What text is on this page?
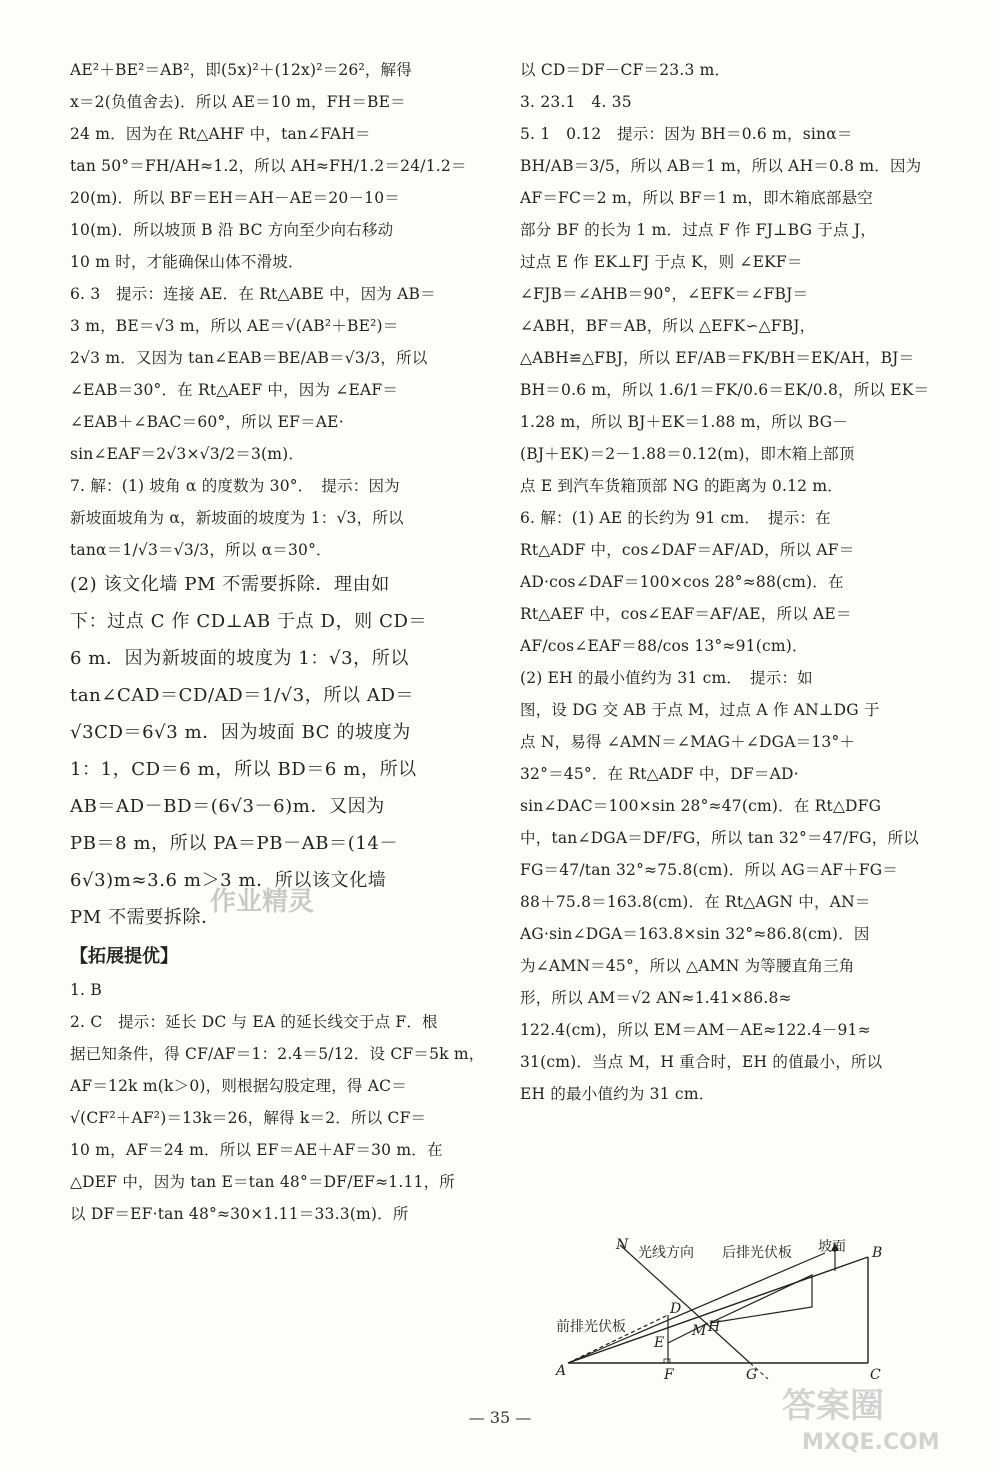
AE²＋BE²＝AB²，即(5x)²＋(12x)²＝26²，解得
x＝2(负值舍去)．所以 AE＝10 m，FH＝BE＝
24 m．因为在 Rt△AHF 中，tan∠FAH＝
tan 50°＝FH/AH≈1.2，所以 AH≈FH/1.2＝24/1.2＝
20(m)．所以 BF＝EH＝AH－AE＝20－10＝
10(m)．所以坡顶 B 沿 BC 方向至少向右移动
10 m 时，才能确保山体不滑坡．
6. 3　提示：连接 AE．在 Rt△ABE 中，因为 AB＝
3 m，BE＝√3 m，所以 AE＝√(AB²＋BE²)＝
2√3 m．又因为 tan∠EAB＝BE/AB＝√3/3，所以
∠EAB＝30°．在 Rt△AEF 中，因为 ∠EAF＝
∠EAB＋∠BAC＝60°，所以 EF＝AE·
sin∠EAF＝2√3×√3/2＝3(m)．
7. 解：(1) 坡角 α 的度数为 30°．　提示：因为
新坡面坡角为 α，新坡面的坡度为 1：√3，所以
tanα＝1/√3＝√3/3，所以 α＝30°．
(2) 该文化墙 PM 不需要拆除．理由如
下：过点 C 作 CD⊥AB 于点 D，则 CD＝
6 m．因为新坡面的坡度为 1：√3，所以
tan∠CAD＝CD/AD＝1/√3，所以 AD＝
√3CD＝6√3 m．因为坡面 BC 的坡度为
1：1，CD＝6 m，所以 BD＝6 m，所以
AB＝AD－BD＝(6√3－6)m．又因为
PB＝8 m，所以 PA＝PB－AB＝(14－
6√3)m≈3.6 m＞3 m．所以该文化墙
PM 不需要拆除．
【拓展提优】
1. B
2. C　提示：延长 DC 与 EA 的延长线交于点 F．根
据已知条件，得 CF/AF＝1：2.4＝5/12．设 CF＝5k m，
AF＝12k m(k＞0)，则根据勾股定理，得 AC＝
√(CF²＋AF²)＝13k＝26，解得 k＝2．所以 CF＝
10 m，AF＝24 m．所以 EF＝AE＋AF＝30 m．在
△DEF 中，因为 tan E＝tan 48°＝DF/EF≈1.11，所
以 DF＝EF·tan 48°≈30×1.11＝33.3(m)．所
以 CD＝DF－CF＝23.3 m．
3. 23.1　4. 35
5. 1　0.12　提示：因为 BH＝0.6 m，sinα＝
BH/AB＝3/5，所以 AB＝1 m，所以 AH＝0.8 m．因为
AF＝FC＝2 m，所以 BF＝1 m，即木箱底部悬空
部分 BF 的长为 1 m．过点 F 作 FJ⊥BG 于点 J，
过点 E 作 EK⊥FJ 于点 K，则 ∠EKF＝
∠FJB＝∠AHB＝90°，∠EFK＝∠FBJ＝
∠ABH，BF＝AB，所以 △EFK∽△FBJ，
△ABH≌△FBJ，所以 EF/AB＝FK/BH＝EK/AH，BJ＝
BH＝0.6 m，所以 1.6/1＝FK/0.6＝EK/0.8，所以 EK＝
1.28 m，所以 BJ＋EK＝1.88 m，所以 BG－
(BJ＋EK)＝2－1.88＝0.12(m)，即木箱上部顶
点 E 到汽车货箱顶部 NG 的距离为 0.12 m．
6. 解：(1) AE 的长约为 91 cm．　提示：在
Rt△ADF 中，cos∠DAF＝AF/AD，所以 AF＝
AD·cos∠DAF＝100×cos 28°≈88(cm)．在
Rt△AEF 中，cos∠EAF＝AF/AE，所以 AE＝
AF/cos∠EAF＝88/cos 13°≈91(cm)．
(2) EH 的最小值约为 31 cm．　提示：如
图，设 DG 交 AB 于点 M，过点 A 作 AN⊥DG 于
点 N，易得 ∠AMN＝∠MAG＋∠DGA＝13°＋
32°＝45°．在 Rt△ADF 中，DF＝AD·
sin∠DAC＝100×sin 28°≈47(cm)．在 Rt△DFG
中，tan∠DGA＝DF/FG，所以 tan 32°＝47/FG，所以
FG＝47/tan 32°≈75.8(cm)．所以 AG＝AF＋FG＝
88＋75.8＝163.8(cm)．在 Rt△AGN 中，AN＝
AG·sin∠DGA＝163.8×sin 32°≈86.8(cm)．因
为∠AMN＝45°，所以 △AMN 为等腰直角三角
形，所以 AM＝√2 AN≈1.41×86.8≈
122.4(cm)，所以 EM＝AM－AE≈122.4－91≈
31(cm)．当点 M，H 重合时，EH 的值最小，所以
EH 的最小值约为 31 cm．
光线方向 后排光伏板 坡面
前排光伏板
N
D
M H
E
B
A	F	G	C
— 35 —	答案圈
MXQE.COM
作业精灵
